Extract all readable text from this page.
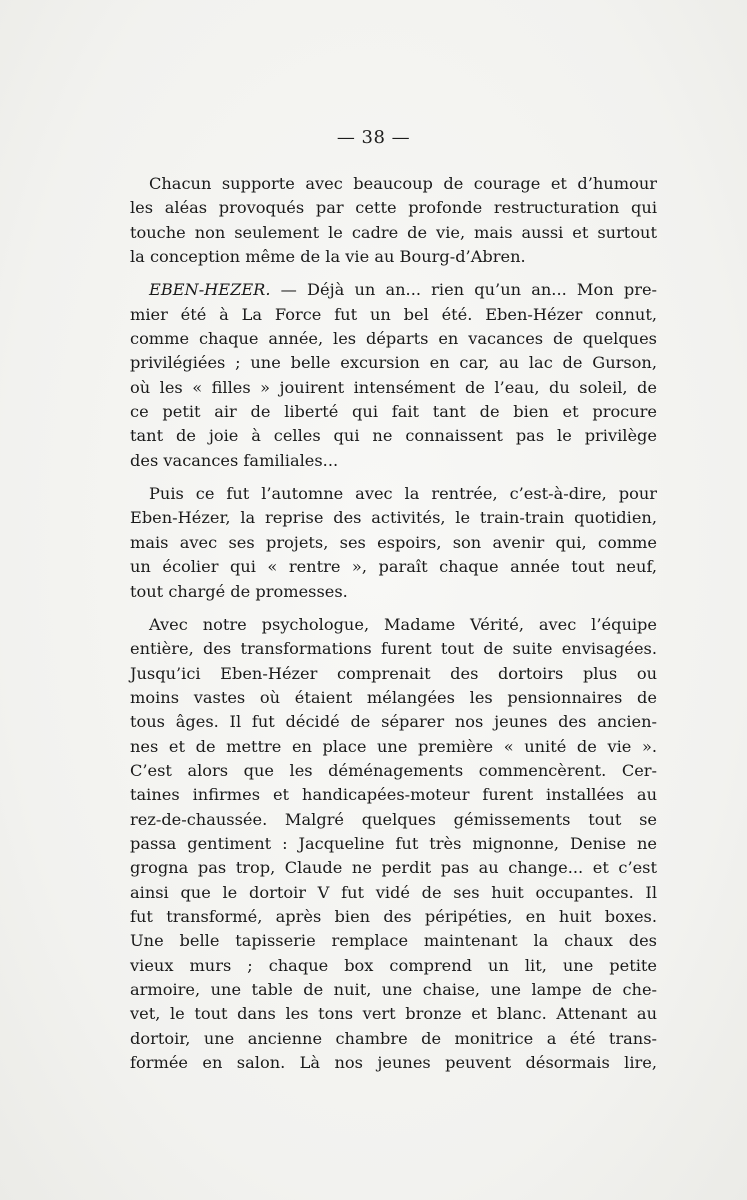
— 38 —
Chacun supporte avec beaucoup de courage et d’humour
les aléas provoqués par cette profonde restructuration qui
touche non seulement le cadre de vie, mais aussi et surtout
la conception même de la vie au Bourg-d’Abren.
EBEN-HEZER. — Déjà un an... rien qu’un an... Mon pre-
mier été à La Force fut un bel été. Eben-Hézer connut,
comme chaque année, les départs en vacances de quelques
privilégiées ; une belle excursion en car, au lac de Gurson,
où les « filles » jouirent intensément de l’eau, du soleil, de
ce petit air de liberté qui fait tant de bien et procure
tant de joie à celles qui ne connaissent pas le privilège
des vacances familiales...
Puis ce fut l’automne avec la rentrée, c’est-à-dire, pour
Eben-Hézer, la reprise des activités, le train-train quotidien,
mais avec ses projets, ses espoirs, son avenir qui, comme
un écolier qui « rentre », paraît chaque année tout neuf,
tout chargé de promesses.
Avec notre psychologue, Madame Vérité, avec l’équipe
entière, des transformations furent tout de suite envisagées.
Jusqu’ici Eben-Hézer comprenait des dortoirs plus ou
moins vastes où étaient mélangées les pensionnaires de
tous âges. Il fut décidé de séparer nos jeunes des ancien-
nes et de mettre en place une première « unité de vie ».
C’est alors que les déménagements commencèrent. Cer-
taines infirmes et handicapées-moteur furent installées au
rez-de-chaussée. Malgré quelques gémissements tout se
passa gentiment : Jacqueline fut très mignonne, Denise ne
grogna pas trop, Claude ne perdit pas au change... et c’est
ainsi que le dortoir V fut vidé de ses huit occupantes. Il
fut transformé, après bien des péripéties, en huit boxes.
Une belle tapisserie remplace maintenant la chaux des
vieux murs ; chaque box comprend un lit, une petite
armoire, une table de nuit, une chaise, une lampe de che-
vet, le tout dans les tons vert bronze et blanc. Attenant au
dortoir, une ancienne chambre de monitrice a été trans-
formée en salon. Là nos jeunes peuvent désormais lire,
